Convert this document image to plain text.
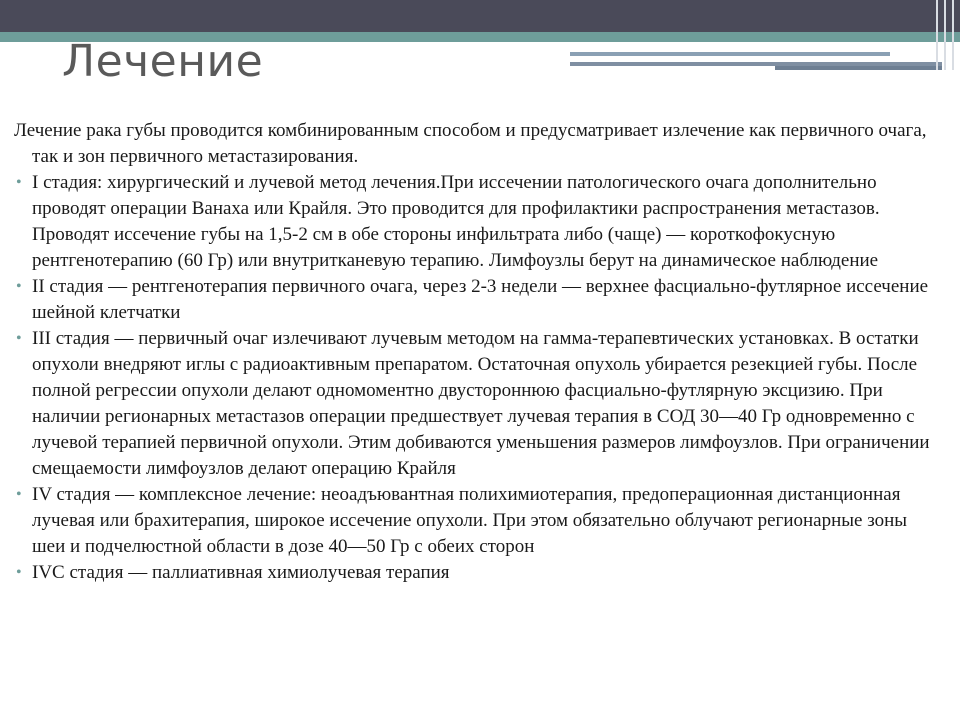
Лечение

Лечение рака губы проводится комбинированным способом и предусматривает излечение как первичного очага, так и зон первичного метастазирования.

• I стадия: хирургический и лучевой метод лечения.При иссечении патологического очага дополнительно проводят операции Ванаха или Крайля. Это проводится для профилактики распространения метастазов. Проводят иссечение губы на 1,5-2 см в обе стороны инфильтрата либо (чаще) — короткофокусную рентгенотерапию (60 Гр) или внутритканевую терапию. Лимфоузлы берут на динамическое наблюдение
• II стадия — рентгенотерапия первичного очага, через 2-3 недели — верхнее фасциально-футлярное иссечение шейной клетчатки
• III стадия — первичный очаг излечивают лучевым методом на гамма-терапевтических установках. В остатки опухоли внедряют иглы с радиоактивным препаратом. Остаточная опухоль убирается резекцией губы. После полной регрессии опухоли делают одномоментно двустороннюю фасциально-футлярную эксцизию. При наличии регионарных метастазов операции предшествует лучевая терапия в СОД 30—40 Гр одновременно с лучевой терапией первичной опухоли. Этим добиваются уменьшения размеров лимфоузлов. При ограничении смещаемости лимфоузлов делают операцию Крайля
• IV стадия — комплексное лечение: неоадъювантная полихимиотерапия, предоперационная дистанционная лучевая или брахитерапия, широкое иссечение опухоли. При этом обязательно облучают регионарные зоны шеи и подчелюстной области в дозе 40—50 Гр с обеих сторон
• IVC стадия — паллиативная химиолучевая терапия
